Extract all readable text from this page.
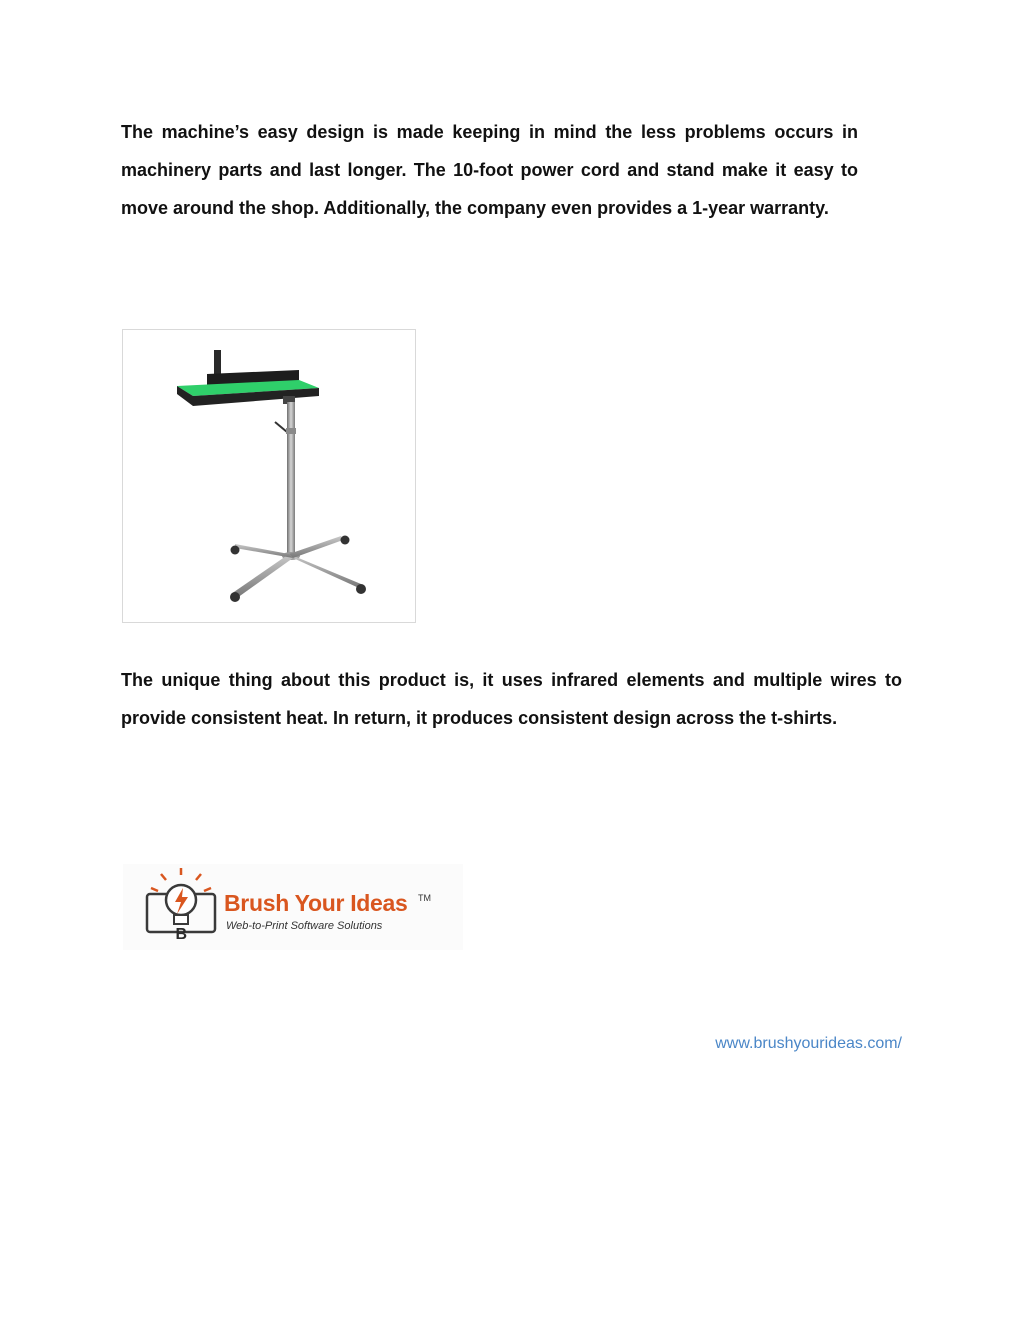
The machine’s easy design is made keeping in mind the less problems occurs in machinery parts and last longer. The 10-foot power cord and stand make it easy to move around the shop. Additionally, the company even provides a 1-year warranty.

The unique thing about this product is, it uses infrared elements and multiple wires to provide consistent heat. In return, it produces consistent design across the t-shirts.

B
Brush Your Ideas TM
Web-to-Print Software Solutions
www.brushyourideas.com/
